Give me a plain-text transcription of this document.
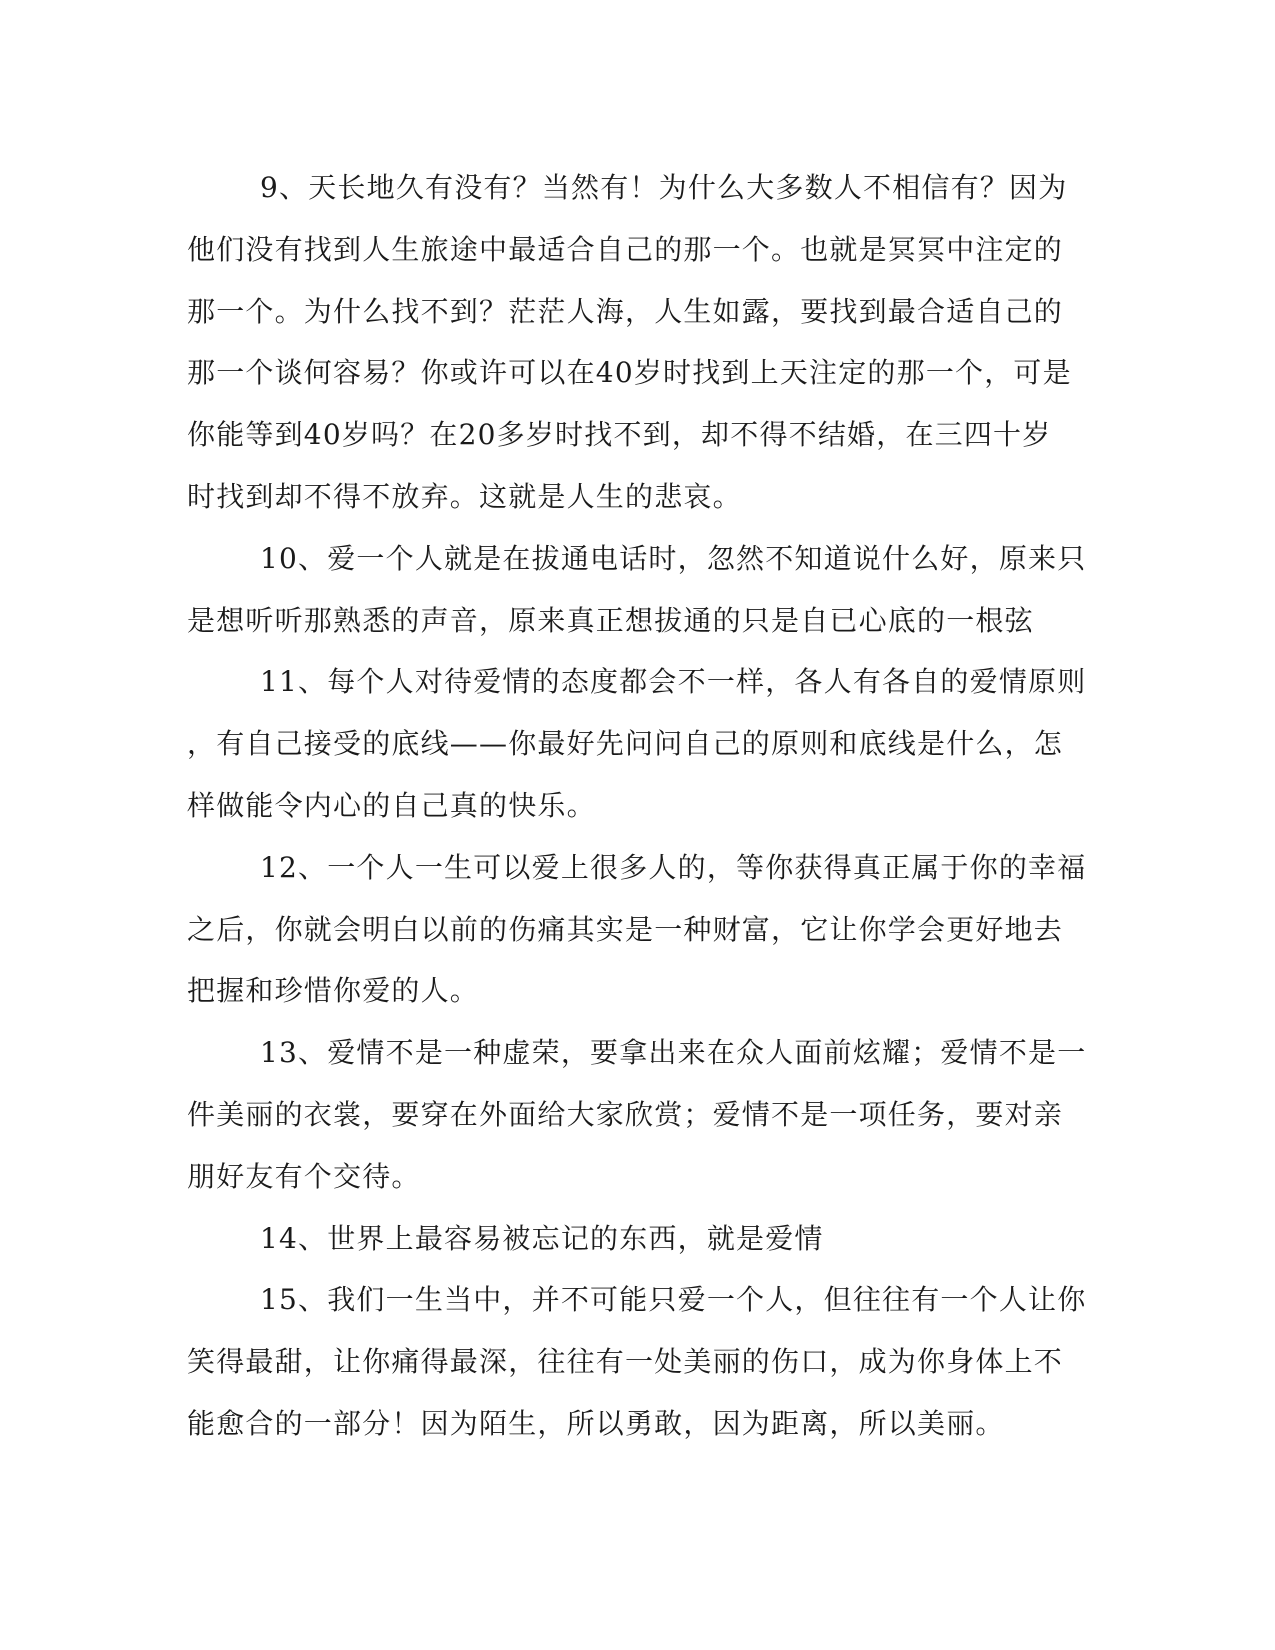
9、天长地久有没有？当然有！为什么大多数人不相信有？因为
他们没有找到人生旅途中最适合自己的那一个。也就是冥冥中注定的
那一个。为什么找不到？茫茫人海，人生如露，要找到最合适自己的
那一个谈何容易？你或许可以在40岁时找到上天注定的那一个，可是
你能等到40岁吗？在20多岁时找不到，却不得不结婚，在三四十岁
时找到却不得不放弃。这就是人生的悲哀。
10、爱一个人就是在拔通电话时，忽然不知道说什么好，原来只
是想听听那熟悉的声音，原来真正想拔通的只是自已心底的一根弦
11、每个人对待爱情的态度都会不一样，各人有各自的爱情原则
，有自己接受的底线——你最好先问问自己的原则和底线是什么，怎
样做能令内心的自己真的快乐。
12、一个人一生可以爱上很多人的，等你获得真正属于你的幸福
之后，你就会明白以前的伤痛其实是一种财富，它让你学会更好地去
把握和珍惜你爱的人。
13、爱情不是一种虚荣，要拿出来在众人面前炫耀；爱情不是一
件美丽的衣裳，要穿在外面给大家欣赏；爱情不是一项任务，要对亲
朋好友有个交待。
14、世界上最容易被忘记的东西，就是爱情
15、我们一生当中，并不可能只爱一个人，但往往有一个人让你
笑得最甜，让你痛得最深，往往有一处美丽的伤口，成为你身体上不
能愈合的一部分！因为陌生，所以勇敢，因为距离，所以美丽。
